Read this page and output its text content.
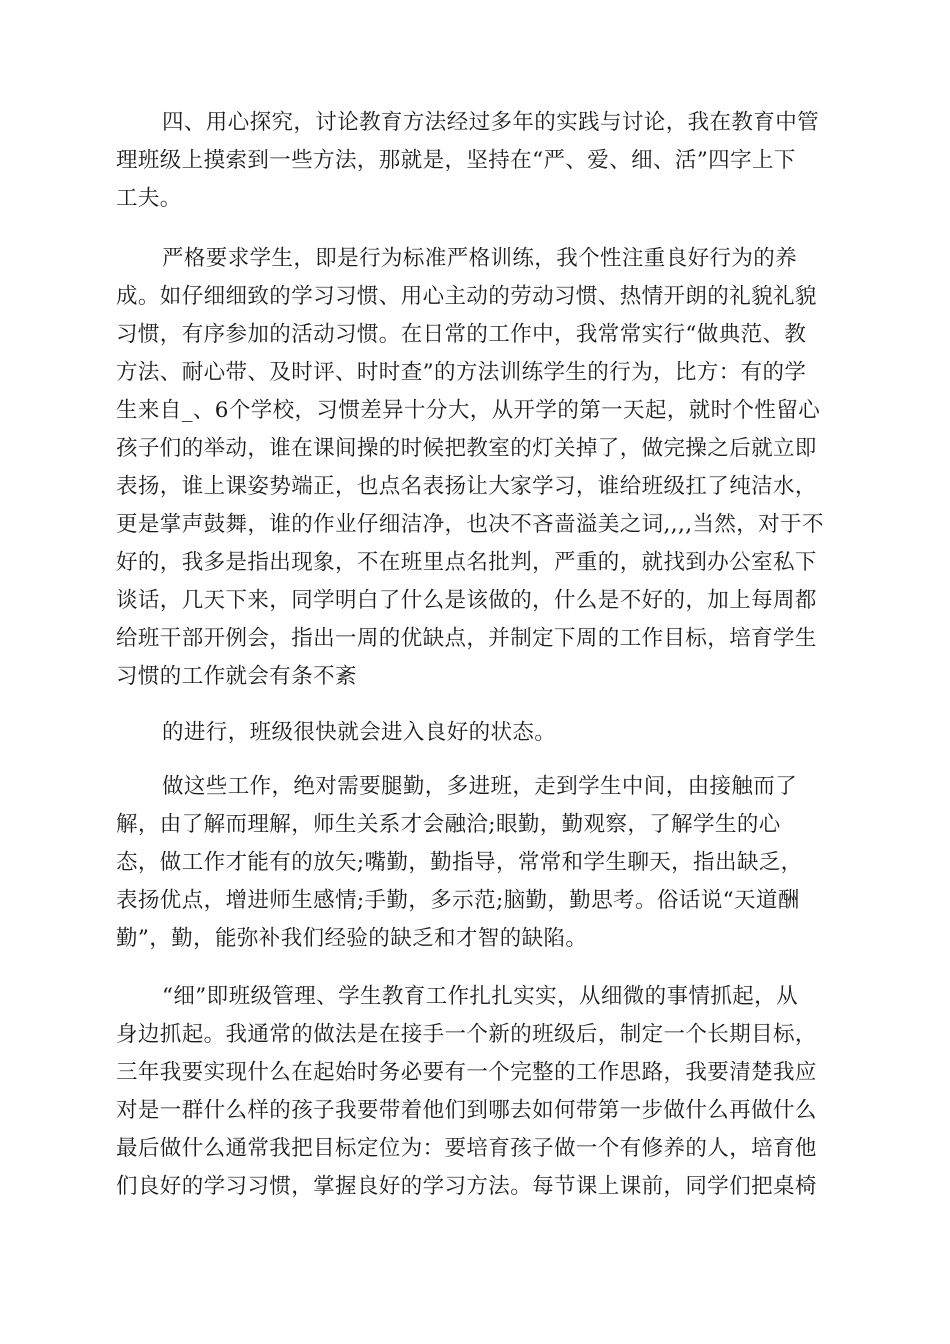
四、用心探究，讨论教育方法经过多年的实践与讨论，我在教育中管
理班级上摸索到一些方法，那就是，坚持在“严、爱、细、活”四字上下
工夫。
严格要求学生，即是行为标准严格训练，我个性注重良好行为的养
成。如仔细细致的学习习惯、用心主动的劳动习惯、热情开朗的礼貌礼貌
习惯，有序参加的活动习惯。在日常的工作中，我常常实行“做典范、教
方法、耐心带、及时评、时时查”的方法训练学生的行为，比方：有的学
生来自_、6个学校，习惯差异十分大，从开学的第一天起，就时个性留心
孩子们的举动，谁在课间操的时候把教室的灯关掉了，做完操之后就立即
表扬，谁上课姿势端正，也点名表扬让大家学习，谁给班级扛了纯洁水，
更是掌声鼓舞，谁的作业仔细洁净，也决不吝啬溢美之词,,,,当然，对于不
好的，我多是指出现象，不在班里点名批判，严重的，就找到办公室私下
谈话，几天下来，同学明白了什么是该做的，什么是不好的，加上每周都
给班干部开例会，指出一周的优缺点，并制定下周的工作目标，培育学生
习惯的工作就会有条不紊
的进行，班级很快就会进入良好的状态。
做这些工作，绝对需要腿勤，多进班，走到学生中间，由接触而了
解，由了解而理解，师生关系才会融洽;眼勤，勤观察，了解学生的心
态，做工作才能有的放矢;嘴勤，勤指导，常常和学生聊天，指出缺乏，
表扬优点，增进师生感情;手勤，多示范;脑勤，勤思考。俗话说“天道酬
勤”，勤，能弥补我们经验的缺乏和才智的缺陷。
“细”即班级管理、学生教育工作扎扎实实，从细微的事情抓起，从
身边抓起。我通常的做法是在接手一个新的班级后，制定一个长期目标，
三年我要实现什么在起始时务必要有一个完整的工作思路，我要清楚我应
对是一群什么样的孩子我要带着他们到哪去如何带第一步做什么再做什么
最后做什么通常我把目标定位为：要培育孩子做一个有修养的人，培育他
们良好的学习习惯，掌握良好的学习方法。每节课上课前，同学们把桌椅
